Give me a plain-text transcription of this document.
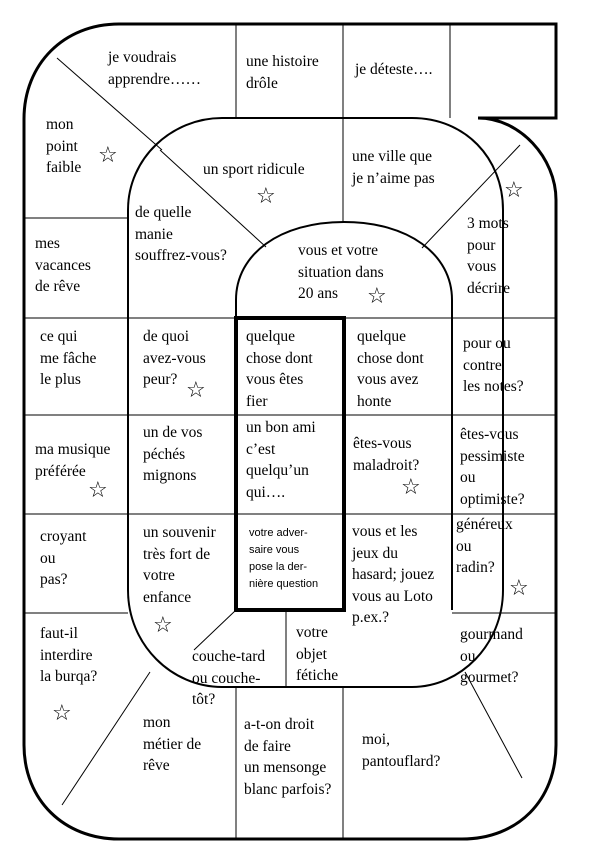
je voudrais
apprendre……
une histoire
drôle
je déteste….
mon
point
faible	un sport ridicule
une ville que
je n’aime pas
de quelle
manie
souffrez-vous?
3 mots
pour
vous
décrire
mes
vacances
de rêve
vous et votre
situation dans
20 ans
ce qui
me fâche
le plus
de quoi
avez-vous
peur?
quelque
chose dont
vous êtes
fier
quelque
chose dont
vous avez
honte
pour ou
contre
les notes?
ma musique
préférée
un de vos
péchés
mignons
un bon ami
c’est
quelqu’un
qui….
êtes-vous
maladroit?
êtes-vous
pessimiste
ou
optimiste?
croyant
ou
pas?
un souvenir
très fort de
votre
enfance
votre adver-
saire vous
pose la der-
nière question
vous et les
jeux du
hasard; jouez
vous au Loto
p.ex.?
généreux
ou
radin?
faut-il
interdire
la burqa?
couche-tard
ou couche-
tôt?
votre
objet
fétiche
gourmand
ou
gourmet?
mon
métier de
rêve
a-t-on droit
de faire
un mensonge
blanc parfois?
moi,
pantouflard?
☆
☆	☆
☆
☆
☆	☆
☆
☆
☆
